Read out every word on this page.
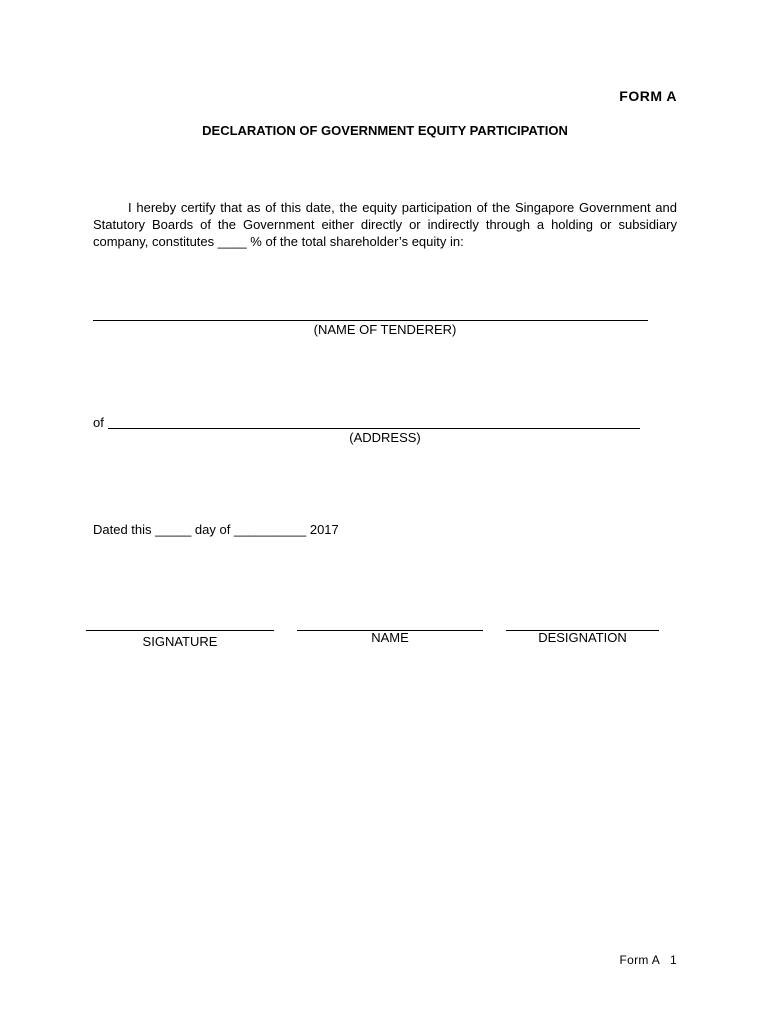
FORM A
DECLARATION OF GOVERNMENT EQUITY PARTICIPATION
I hereby certify that as of this date, the equity participation of the Singapore Government and Statutory Boards of the Government either directly or indirectly through a holding or subsidiary company, constitutes ____ % of the total shareholder’s equity in:
(NAME OF TENDERER)
of
(ADDRESS)
Dated this _____ day of __________ 2017
SIGNATURE	NAME	DESIGNATION
Form A 1
